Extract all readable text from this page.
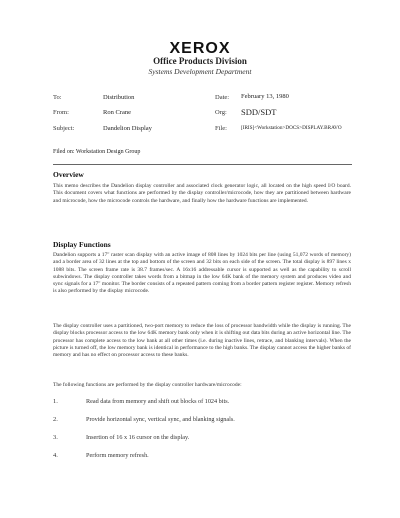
XEROX
Office Products Division
Systems Development Department
To:	Distribution
From:	Ron Crane
Subject:	Dandelion Display
Date: February 13, 1980
Org: SDD/SDT
File:	[IRIS]<Workstation>DOCS>DISPLAY.BRAVO
Filed on: Workstation Design Group
Overview

This memo describes the Dandelion display controller and associated clock generator logic, all located on the high speed I/O board. This document covers what functions are performed by the display controller/microcode, how they are partitioned between hardware and microcode, how the microcode controls the hardware, and finally how the hardware functions are implemented.

Display Functions

Dandelion supports a 17" raster scan display with an active image of 808 lines by 1024 bits per line (using 51,072 words of memory) and a border area of 32 lines at the top and bottom of the screen and 32 bits on each side of the screen. The total display is 897 lines x 1088 bits. The screen frame rate is 38.7 frames/sec. A 16x16 addressable cursor is supported as well as the capability to scroll subwindows. The display controller takes words from a bitmap in the low 64K bank of the memory system and produces video and sync signals for a 17" monitor. The border consists of a repeated pattern coming from a border pattern register register. Memory refresh is also performed by the display microcode.

The display controller uses a partitioned, two-port memory to reduce the loss of processor bandwidth while the display is running. The display blocks processor access to the low 64K memory bank only when it is shifting out data bits during an active horizontal line. The processor has complete access to the low bank at all other times (i.e. during inactive lines, retrace, and blanking intervals). When the picture is turned off, the low memory bank is identical in performance to the high banks. The display cannot access the higher banks of memory and has no effect on processor access to these banks.

The following functions are performed by the display controller hardware/microcode:

1.	Read data from memory and shift out blocks of 1024 bits.
2.	Provide horizontal sync, vertical sync, and blanking signals.
3.	Insertion of 16 x 16 cursor on the display.
4.	Perform memory refresh.
